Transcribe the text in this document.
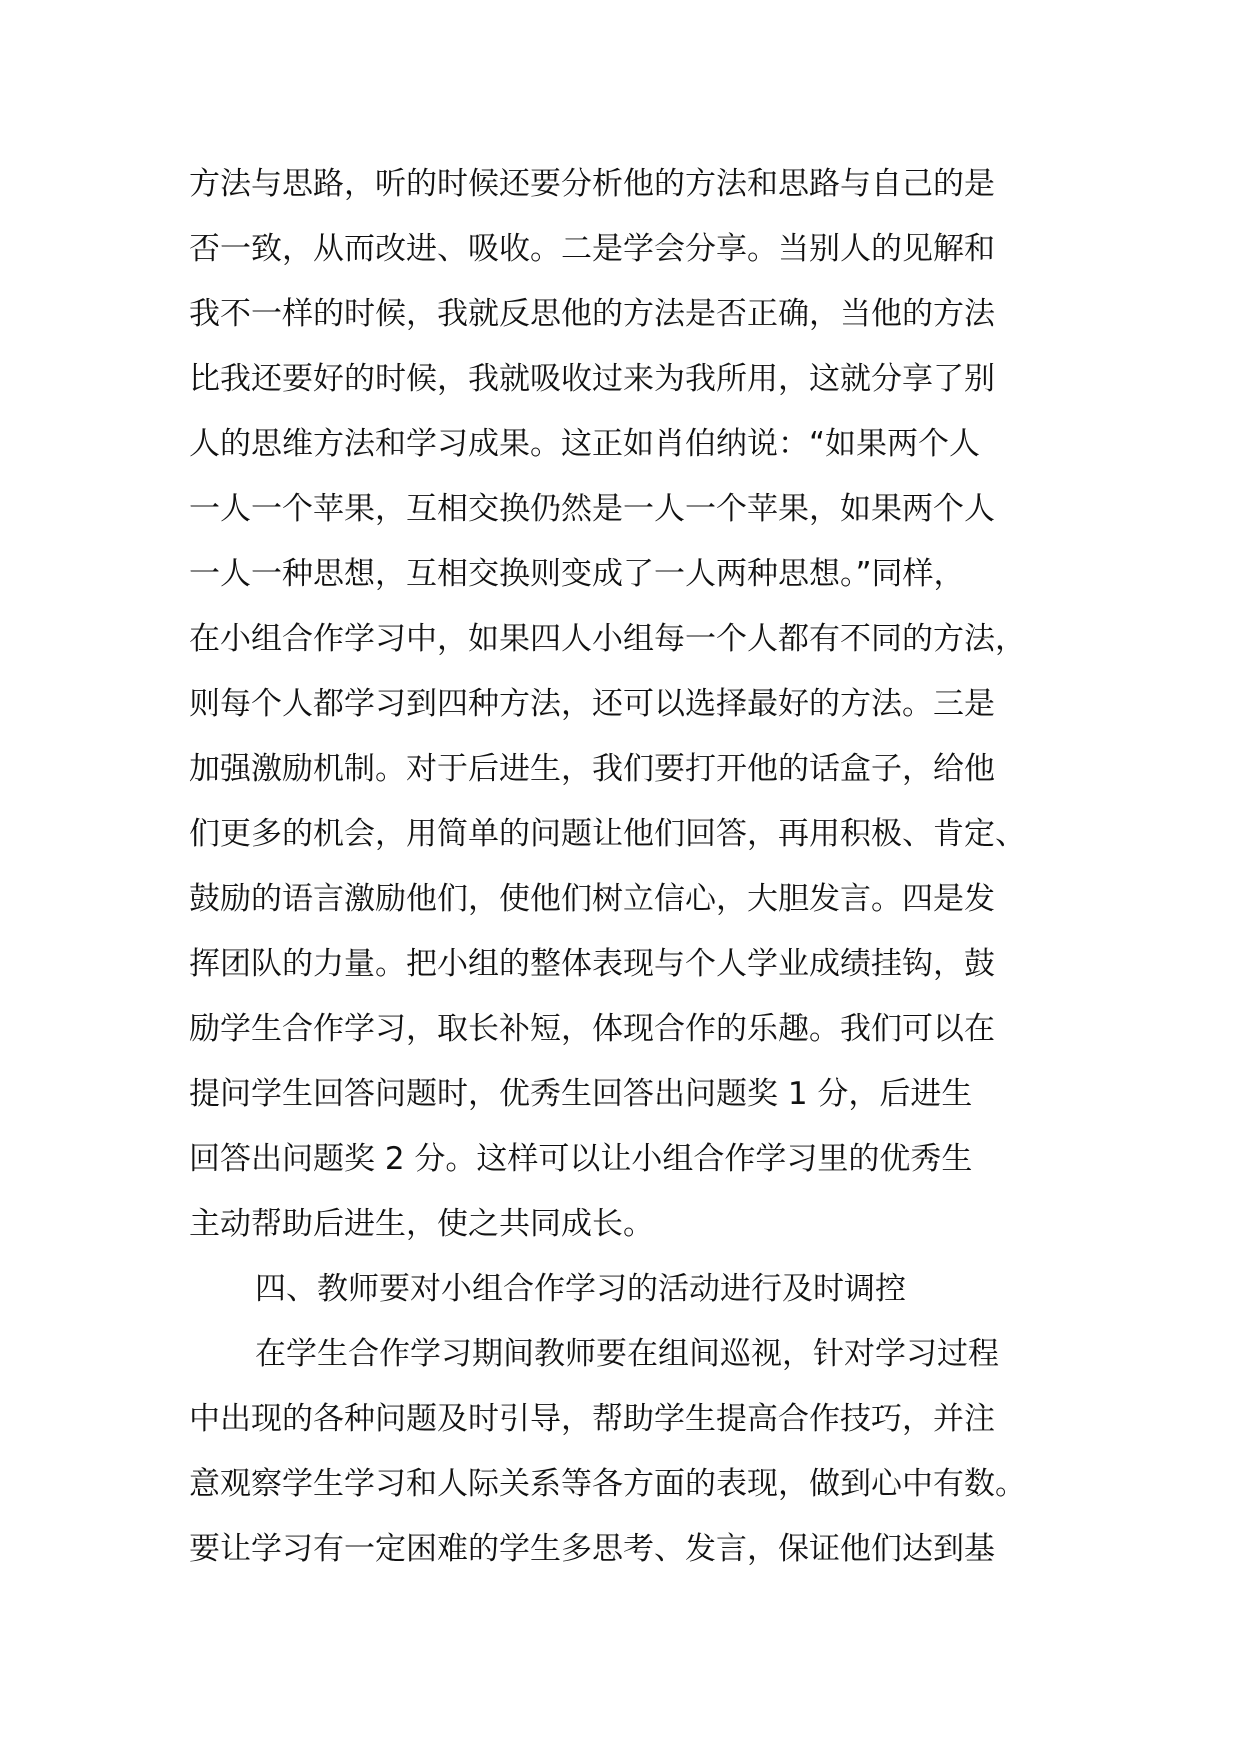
方法与思路，听的时候还要分析他的方法和思路与自己的是
否一致，从而改进、吸收。二是学会分享。当别人的见解和
我不一样的时候，我就反思他的方法是否正确，当他的方法
比我还要好的时候，我就吸收过来为我所用，这就分享了别
人的思维方法和学习成果。这正如肖伯纳说：“如果两个人
一人一个苹果，互相交换仍然是一人一个苹果，如果两个人
一人一种思想，互相交换则变成了一人两种思想。”同样，
在小组合作学习中，如果四人小组每一个人都有不同的方法，
则每个人都学习到四种方法，还可以选择最好的方法。三是
加强激励机制。对于后进生，我们要打开他的话盒子，给他
们更多的机会，用简单的问题让他们回答，再用积极、肯定、
鼓励的语言激励他们，使他们树立信心，大胆发言。四是发
挥团队的力量。把小组的整体表现与个人学业成绩挂钩，鼓
励学生合作学习，取长补短，体现合作的乐趣。我们可以在
提问学生回答问题时，优秀生回答出问题奖 1 分，后进生
回答出问题奖 2 分。这样可以让小组合作学习里的优秀生
主动帮助后进生，使之共同成长。
四、教师要对小组合作学习的活动进行及时调控
在学生合作学习期间教师要在组间巡视，针对学习过程
中出现的各种问题及时引导，帮助学生提高合作技巧，并注
意观察学生学习和人际关系等各方面的表现，做到心中有数。
要让学习有一定困难的学生多思考、发言，保证他们达到基
